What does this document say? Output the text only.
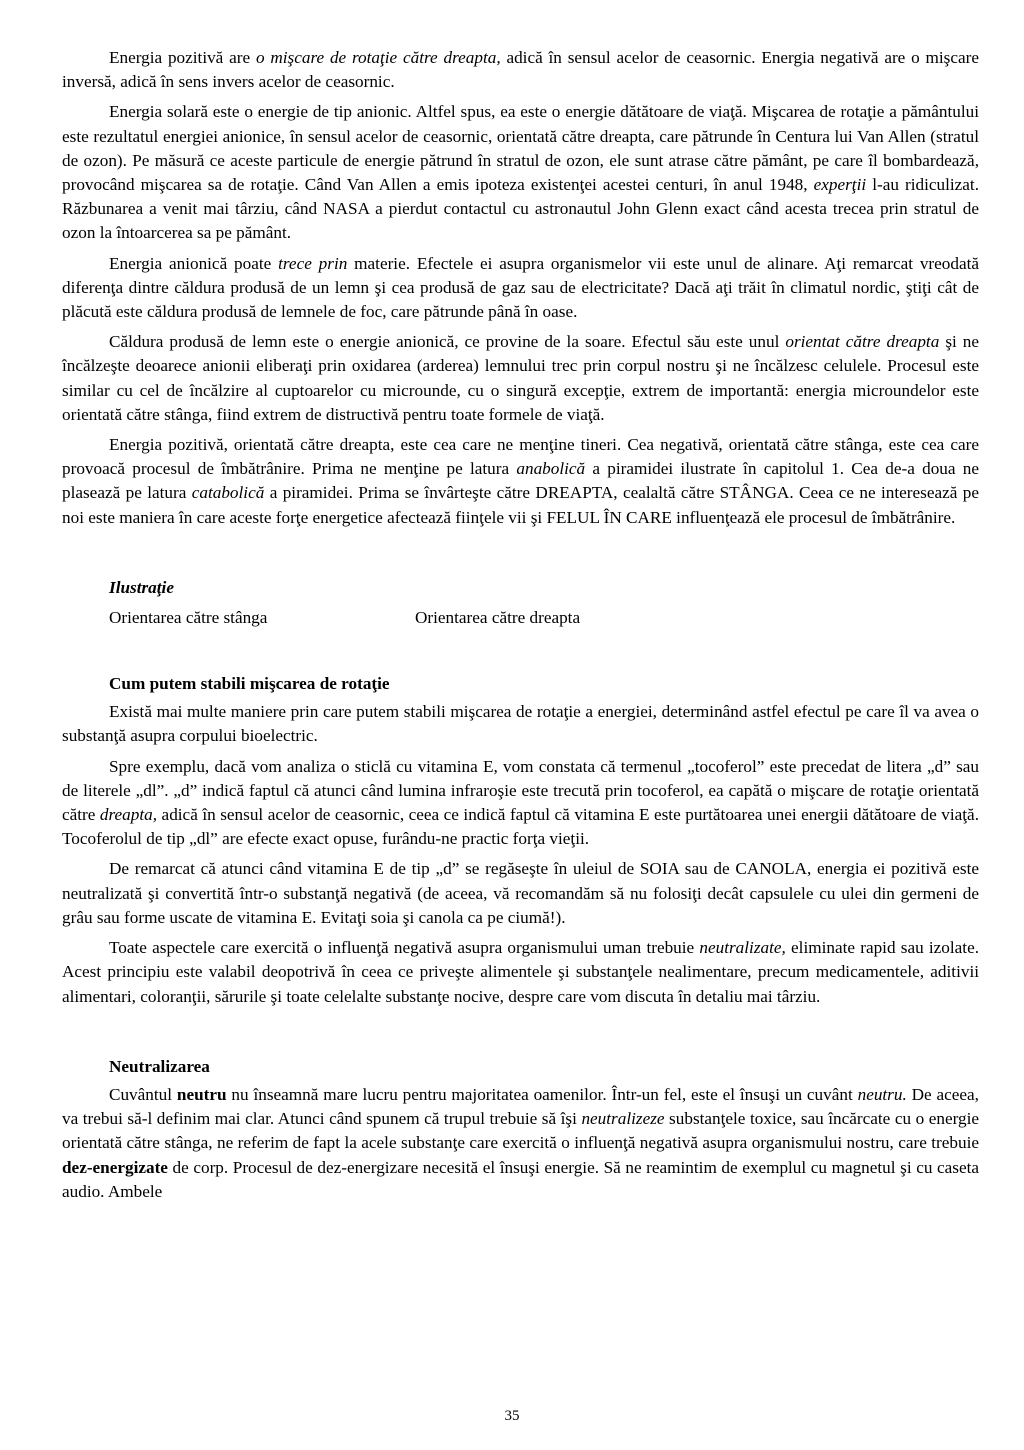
Energia pozitivă are o mişcare de rotaţie către dreapta, adică în sensul acelor de ceasornic. Energia negativă are o mişcare inversă, adică în sens invers acelor de ceasornic.

Energia solară este o energie de tip anionic. Altfel spus, ea este o energie dătătoare de viaţă. Mişcarea de rotaţie a pământului este rezultatul energiei anionice, în sensul acelor de ceasornic, orientată către dreapta, care pătrunde în Centura lui Van Allen (stratul de ozon). Pe măsură ce aceste particule de energie pătrund în stratul de ozon, ele sunt atrase către pământ, pe care îl bombardează, provocând mişcarea sa de rotaţie. Când Van Allen a emis ipoteza existenţei acestei centuri, în anul 1948, experţii l-au ridiculizat. Răzbunarea a venit mai târziu, când NASA a pierdut contactul cu astronautul John Glenn exact când acesta trecea prin stratul de ozon la întoarcerea sa pe pământ.

Energia anionică poate trece prin materie. Efectele ei asupra organismelor vii este unul de alinare. Aţi remarcat vreodată diferenţa dintre căldura produsă de un lemn şi cea produsă de gaz sau de electricitate? Dacă aţi trăit în climatul nordic, ştiţi cât de plăcută este căldura produsă de lemnele de foc, care pătrunde până în oase.

Căldura produsă de lemn este o energie anionică, ce provine de la soare. Efectul său este unul orientat către dreapta şi ne încălzeşte deoarece anionii eliberaţi prin oxidarea (arderea) lemnului trec prin corpul nostru şi ne încălzesc celulele. Procesul este similar cu cel de încălzire al cuptoarelor cu microunde, cu o singură excepţie, extrem de importantă: energia microundelor este orientată către stânga, fiind extrem de distructivă pentru toate formele de viaţă.

Energia pozitivă, orientată către dreapta, este cea care ne menţine tineri. Cea negativă, orientată către stânga, este cea care provoacă procesul de îmbătrânire. Prima ne menţine pe latura anabolică a piramidei ilustrate în capitolul 1. Cea de-a doua ne plasează pe latura catabolică a piramidei. Prima se învârteşte către DREAPTA, cealaltă către STÂNGA. Ceea ce ne interesează pe noi este maniera în care aceste forţe energetice afectează fiinţele vii şi FELUL ÎN CARE influenţează ele procesul de îmbătrânire.

Ilustraţie
Orientarea către stânga	Orientarea către dreapta
Cum putem stabili mişcarea de rotaţie

Există mai multe maniere prin care putem stabili mişcarea de rotaţie a energiei, determinând astfel efectul pe care îl va avea o substanţă asupra corpului bioelectric.

Spre exemplu, dacă vom analiza o sticlă cu vitamina E, vom constata că termenul „tocoferol” este precedat de litera „d” sau de literele „dl”. „d” indică faptul că atunci când lumina infraroşie este trecută prin tocoferol, ea capătă o mişcare de rotaţie orientată către dreapta, adică în sensul acelor de ceasornic, ceea ce indică faptul că vitamina E este purtătoarea unei energii dătătoare de viaţă. Tocoferolul de tip „dl” are efecte exact opuse, furându-ne practic forţa vieţii.

De remarcat că atunci când vitamina E de tip „d” se regăseşte în uleiul de SOIA sau de CANOLA, energia ei pozitivă este neutralizată şi convertită într-o substanţă negativă (de aceea, vă recomandăm să nu folosiţi decât capsulele cu ulei din germeni de grâu sau forme uscate de vitamina E. Evitaţi soia şi canola ca pe ciumă!).

Toate aspectele care exercită o influenţă negativă asupra organismului uman trebuie neutralizate, eliminate rapid sau izolate. Acest principiu este valabil deopotrivă în ceea ce priveşte alimentele şi substanţele nealimentare, precum medicamentele, aditivii alimentari, coloranţii, sărurile şi toate celelalte substanţe nocive, despre care vom discuta în detaliu mai târziu.

Neutralizarea

Cuvântul neutru nu înseamnă mare lucru pentru majoritatea oamenilor. Într-un fel, este el însuşi un cuvânt neutru. De aceea, va trebui să-l definim mai clar. Atunci când spunem că trupul trebuie să îşi neutralizeze substanţele toxice, sau încărcate cu o energie orientată către stânga, ne referim de fapt la acele substanţe care exercită o influenţă negativă asupra organismului nostru, care trebuie dez-energizate de corp. Procesul de dez-energizare necesită el însuşi energie. Să ne reamintim de exemplul cu magnetul şi cu caseta audio. Ambele

35
